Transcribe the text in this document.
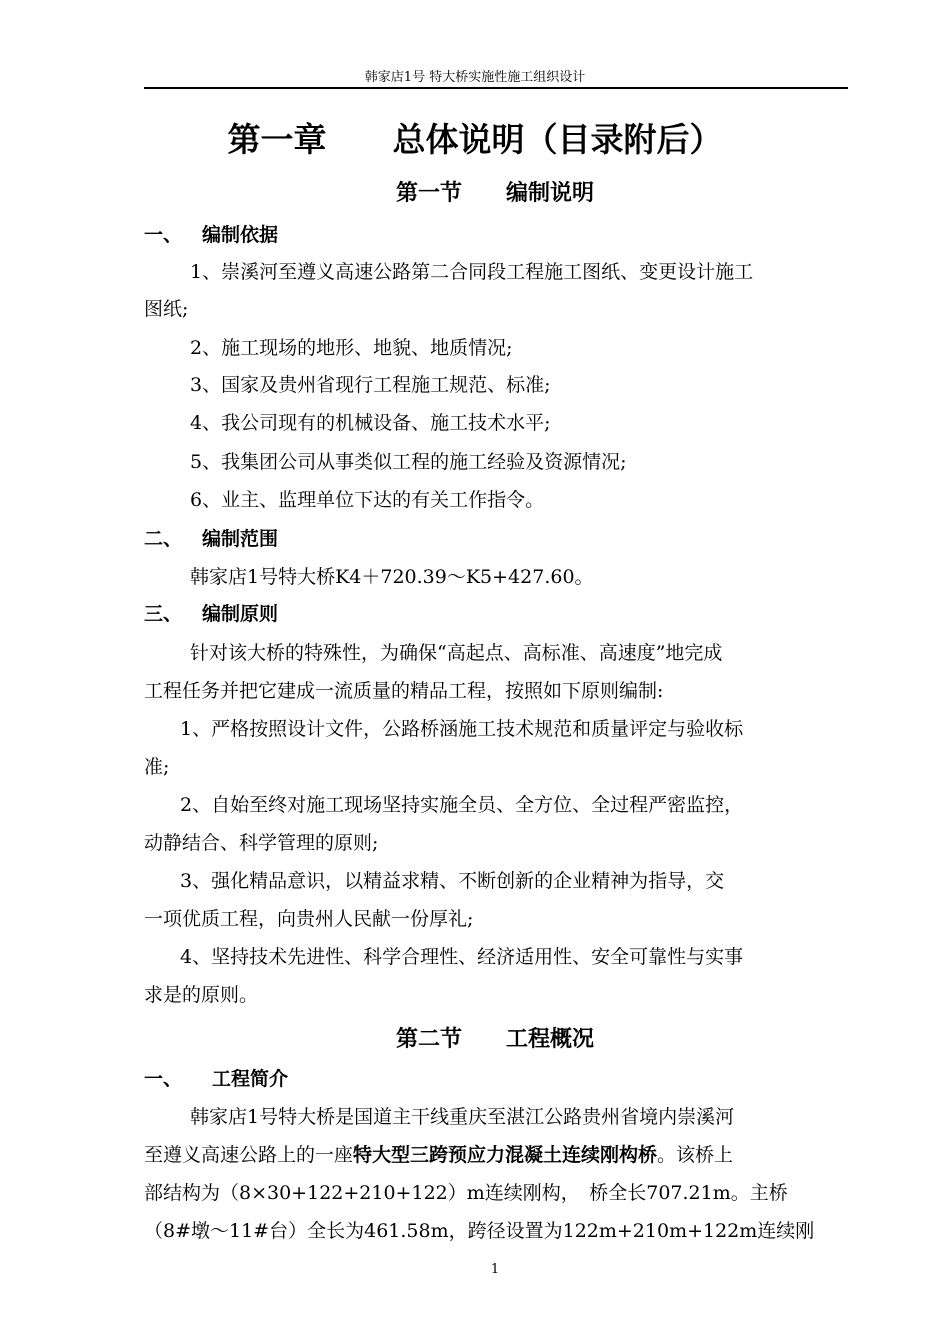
韩家店1号 特大桥实施性施工组织设计
第一章　　总体说明（目录附后）
第一节　　编制说明
一、 编制依据
1、崇溪河至遵义高速公路第二合同段工程施工图纸、变更设计施工
图纸;
2、施工现场的地形、地貌、地质情况;
3、国家及贵州省现行工程施工规范、标准;
4、我公司现有的机械设备、施工技术水平;
5、我集团公司从事类似工程的施工经验及资源情况;
6、业主、监理单位下达的有关工作指令。
二、 编制范围
韩家店1号特大桥K4＋720.39～K5+427.60。
三、 编制原则
针对该大桥的特殊性，为确保“高起点、高标准、高速度”地完成
工程任务并把它建成一流质量的精品工程，按照如下原则编制:
1、严格按照设计文件，公路桥涵施工技术规范和质量评定与验收标
准;
2、自始至终对施工现场坚持实施全员、全方位、全过程严密监控，
动静结合、科学管理的原则;
3、强化精品意识，以精益求精、不断创新的企业精神为指导，交
一项优质工程，向贵州人民献一份厚礼;
4、坚持技术先进性、科学合理性、经济适用性、安全可靠性与实事
求是的原则。
第二节　　工程概况
一、 工程简介
韩家店1号特大桥是国道主干线重庆至湛江公路贵州省境内崇溪河
至遵义高速公路上的一座特大型三跨预应力混凝土连续刚构桥。该桥上
部结构为（8×30+122+210+122）m连续刚构，　桥全长707.21m。主桥
（8#墩～11#台）全长为461.58m，跨径设置为122m+210m+122m连续刚
1
